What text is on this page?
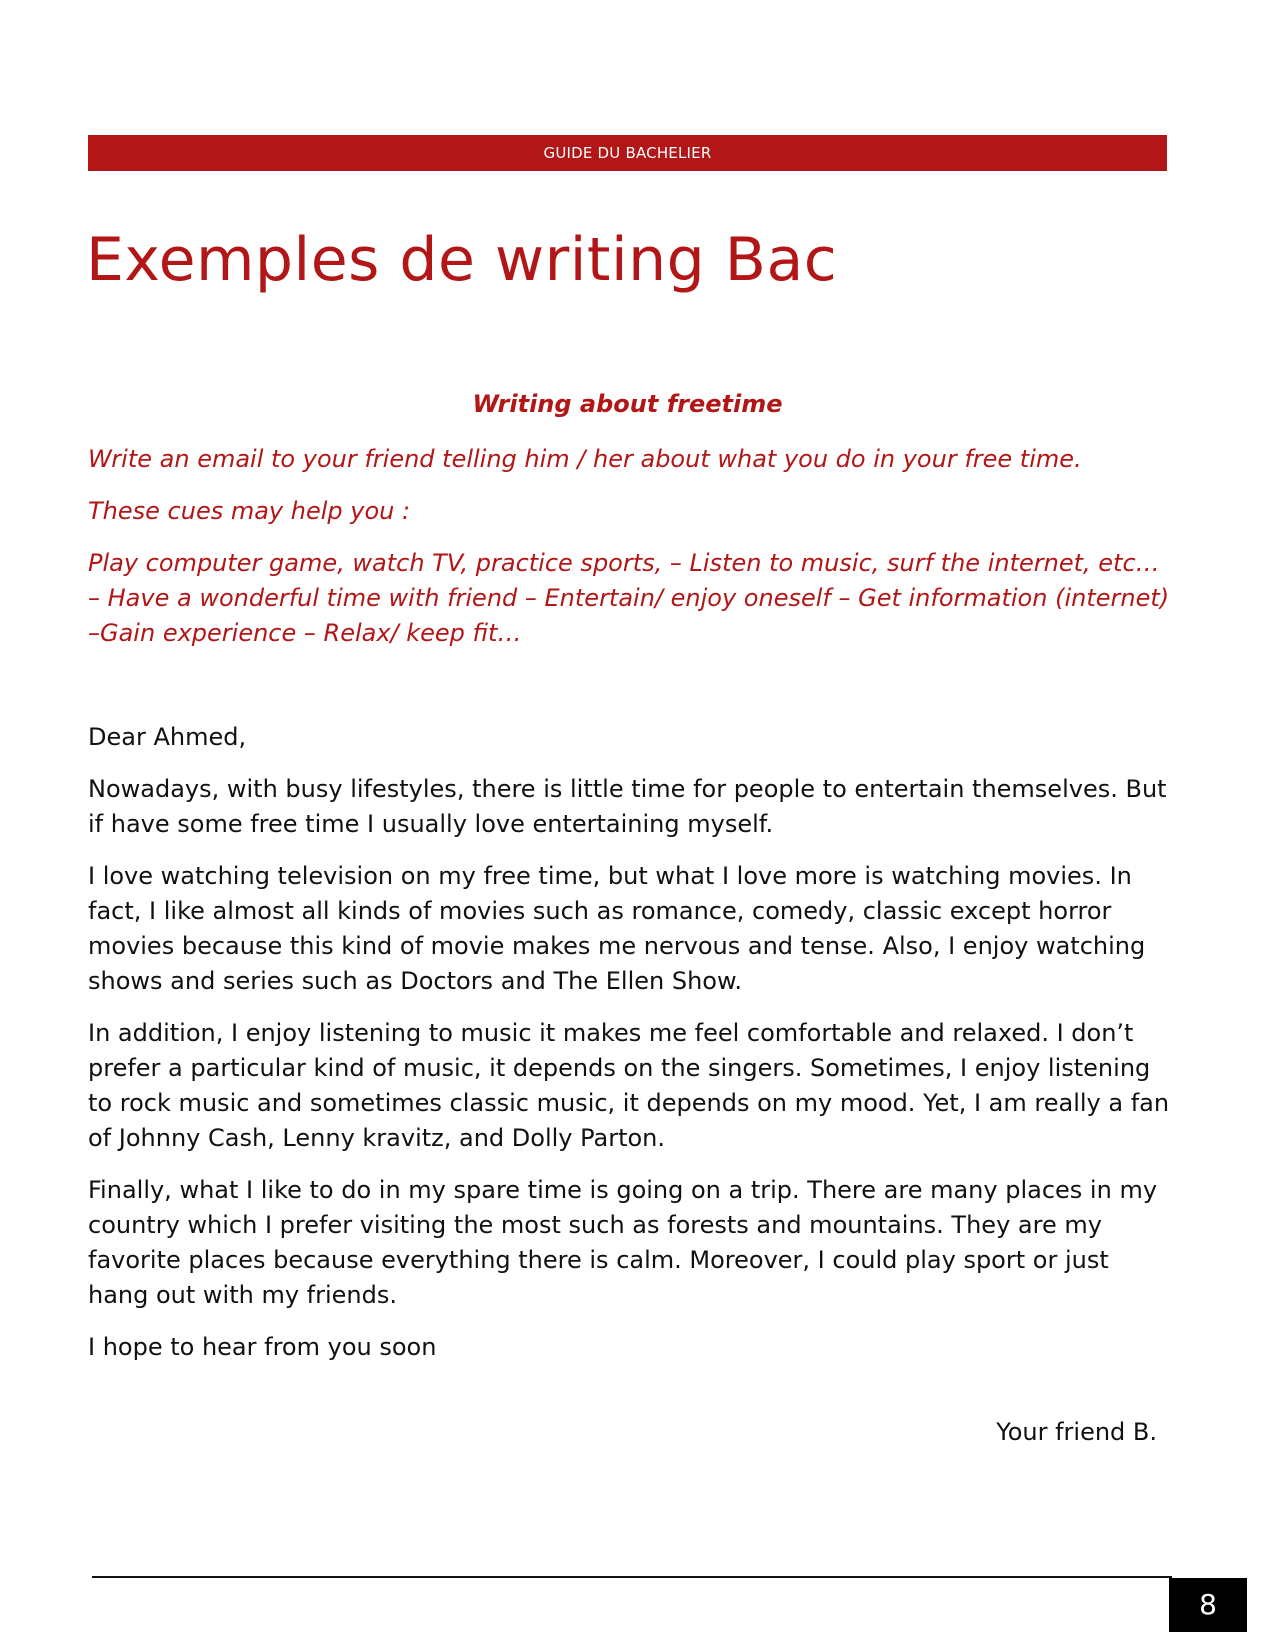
GUIDE DU BACHELIER
Exemples de writing Bac
Writing about freetime

Write an email to your friend telling him / her about what you do in your free time.

These cues may help you :

Play computer game, watch TV, practice sports, – Listen to music, surf the internet, etc… – Have a wonderful time with friend – Entertain/ enjoy oneself – Get information (internet) –Gain experience – Relax/ keep fit…

Dear Ahmed,

Nowadays, with busy lifestyles, there is little time for people to entertain themselves. But if have some free time I usually love entertaining myself.

I love watching television on my free time, but what I love more is watching movies. In fact, I like almost all kinds of movies such as romance, comedy, classic except horror movies because this kind of movie makes me nervous and tense. Also, I enjoy watching shows and series such as Doctors and The Ellen Show.

In addition, I enjoy listening to music it makes me feel comfortable and relaxed. I don’t prefer a particular kind of music, it depends on the singers. Sometimes, I enjoy listening to rock music and sometimes classic music, it depends on my mood. Yet, I am really a fan of Johnny Cash, Lenny kravitz, and Dolly Parton.

Finally, what I like to do in my spare time is going on a trip. There are many places in my country which I prefer visiting the most such as forests and mountains. They are my favorite places because everything there is calm. Moreover, I could play sport or just hang out with my friends.

I hope to hear from you soon

Your friend B.
8
